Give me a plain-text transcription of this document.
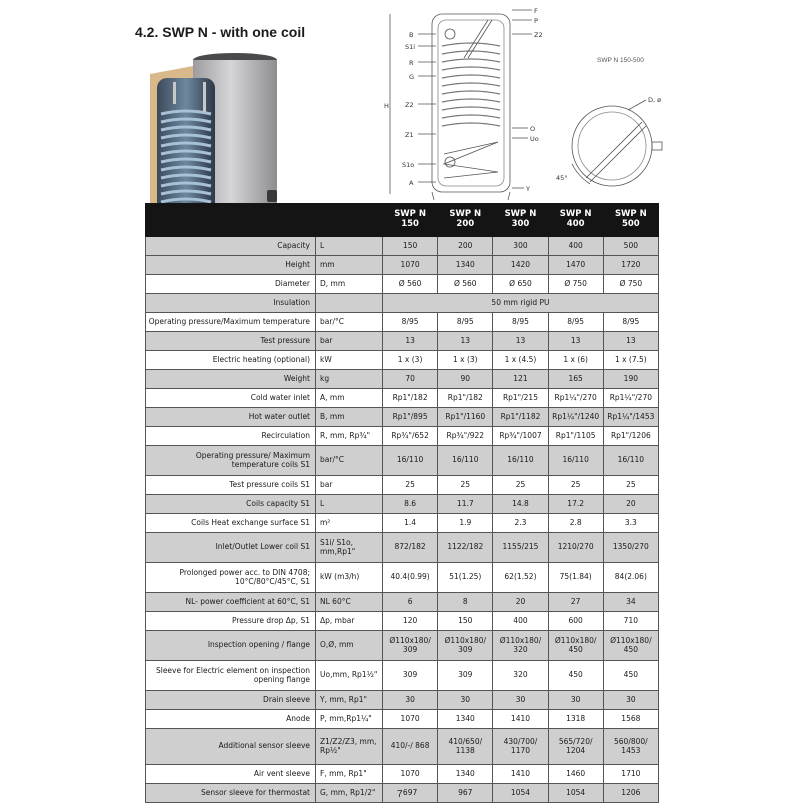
4.2. SWP N - with one coil
H
B
S1i
R
G
Z2
Z1
S1o
A
F
P
Z2
O
Uo
Y
SWP N 150-500
D, ø
45°
		SWP N 150	SWP N 200	SWP N 300	SWP N 400	SWP N 500
Capacity	L	150	200	300	400	500
Height	mm	1070	1340	1420	1470	1720
Diameter	D, mm	Ø 560	Ø 560	Ø 650	Ø 750	Ø 750
Insulation		50 mm rigid PU				
Operating pressure/Maximum temperature	bar/°C	8/95	8/95	8/95	8/95	8/95
Test pressure	bar	13	13	13	13	13
Electric heating (optional)	kW	1 x (3)	1 x (3)	1 x (4.5)	1 x (6)	1 x (7.5)
Weight	kg	70	90	121	165	190
Cold water inlet	A, mm	Rp1"/182	Rp1"/182	Rp1"/215	Rp1¼"/270	Rp1¼"/270
Hot water outlet	B, mm	Rp1"/895	Rp1"/1160	Rp1"/1182	Rp1¼"/1240	Rp1¼"/1453
Recirculation	R, mm, Rp¾"	Rp¾"/652	Rp¾"/922	Rp¾"/1007	Rp1"/1105	Rp1"/1206
Operating pressure/ Maximum temperature coils S1	bar/°C	16/110	16/110	16/110	16/110	16/110
Test pressure coils S1	bar	25	25	25	25	25
Coils capacity S1	L	8.6	11.7	14.8	17.2	20
Coils Heat exchange surface S1	m²	1.4	1.9	2.3	2.8	3.3
Inlet/Outlet Lower coil S1	S1i/ S1o, mm,Rp1"	872/182	1122/182	1155/215	1210/270	1350/270
Prolonged power acc. to DIN 4708; 10°C/80°C/45°C, S1	kW (m3/h)	40.4(0.99)	51(1.25)	62(1.52)	75(1.84)	84(2.06)
NL- power coefficient at 60°C, S1	NL 60°C	6	8	20	27	34
Pressure drop Δp, S1	Δp, mbar	120	150	400	600	710
Inspection opening / flange	O,Ø, mm	Ø110x180/ 309	Ø110x180/ 309	Ø110x180/ 320	Ø110x180/ 450	Ø110x180/ 450
Sleeve for Electric element on inspection opening flange	Uo,mm, Rp1½"	309	309	320	450	450
Drain sleeve	Y, mm, Rp1"	30	30	30	30	30
Anode	P, mm,Rp1¼"	1070	1340	1410	1318	1568
Additional sensor sleeve	Z1/Z2/Z3, mm, Rp½"	410/-/ 868	410/650/ 1138	430/700/ 1170	565/720/ 1204	560/800/ 1453
Air vent sleeve	F, mm, Rp1"	1070	1340	1410	1460	1710
Sensor sleeve for thermostat	G, mm, Rp1/2"	697	967	1054	1054	1206
7
